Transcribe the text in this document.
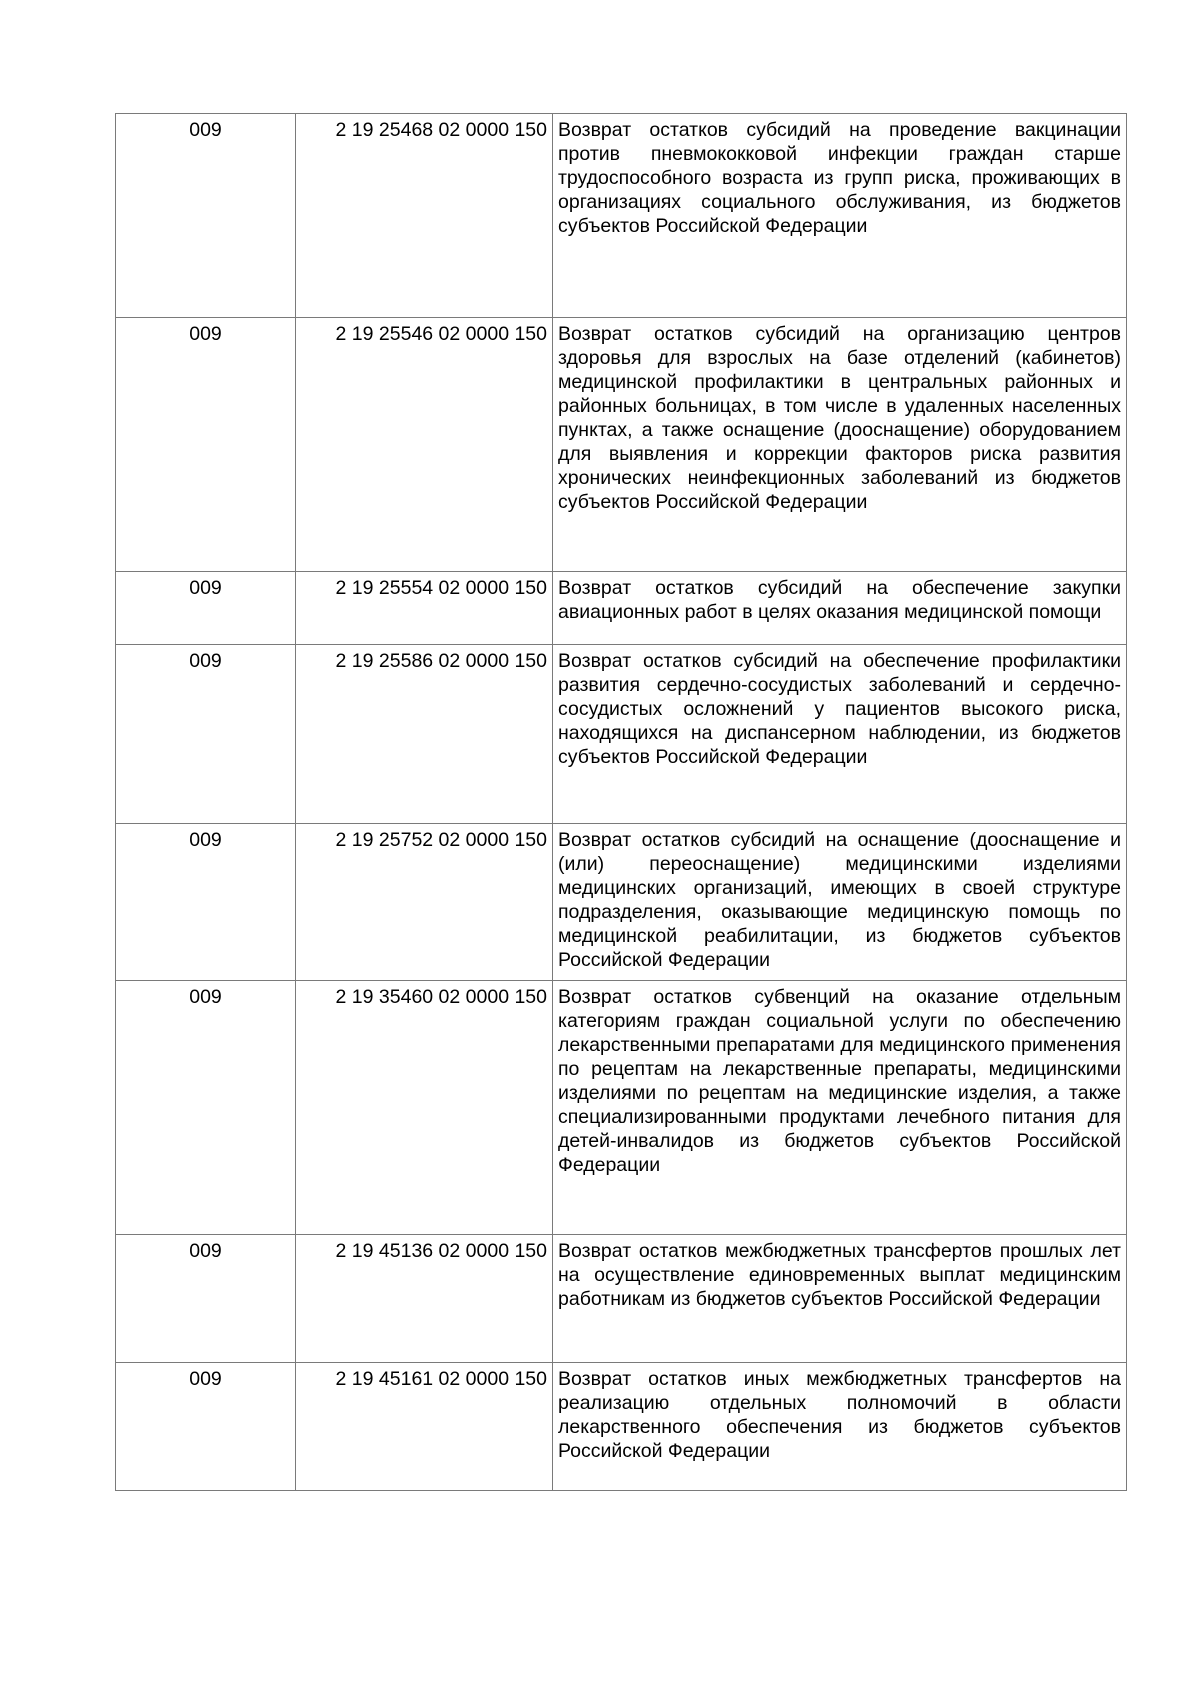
009	2 19 25468 02 0000 150	Возврат остатков субсидий на проведение вакцинации против пневмококковой инфекции граждан старше трудоспособного возраста из групп риска, проживающих в организациях социального обслуживания, из бюджетов субъектов Российской Федерации
009	2 19 25546 02 0000 150	Возврат остатков субсидий на организацию центров здоровья для взрослых на базе отделений (кабинетов) медицинской профилактики в центральных районных и районных больницах, в том числе в удаленных населенных пунктах, а также оснащение (дооснащение) оборудованием для выявления и коррекции факторов риска развития хронических неинфекционных заболеваний из бюджетов субъектов Российской Федерации
009	2 19 25554 02 0000 150	Возврат остатков субсидий на обеспечение закупки авиационных работ в целях оказания медицинской помощи
009	2 19 25586 02 0000 150	Возврат остатков субсидий на обеспечение профилактики развития сердечно-сосудистых заболеваний и сердечно-сосудистых осложнений у пациентов высокого риска, находящихся на диспансерном наблюдении, из бюджетов субъектов Российской Федерации
009	2 19 25752 02 0000 150	Возврат остатков субсидий на оснащение (дооснащение и (или) переоснащение) медицинскими изделиями медицинских организаций, имеющих в своей структуре подразделения, оказывающие медицинскую помощь по медицинской реабилитации, из бюджетов субъектов Российской Федерации
009	2 19 35460 02 0000 150	Возврат остатков субвенций на оказание отдельным категориям граждан социальной услуги по обеспечению лекарственными препаратами для медицинского применения по рецептам на лекарственные препараты, медицинскими изделиями по рецептам на медицинские изделия, а также специализированными продуктами лечебного питания для детей-инвалидов из бюджетов субъектов Российской Федерации
009	2 19 45136 02 0000 150	Возврат остатков межбюджетных трансфертов прошлых лет на осуществление единовременных выплат медицинским работникам из бюджетов субъектов Российской Федерации
009	2 19 45161 02 0000 150	Возврат остатков иных межбюджетных трансфертов на реализацию отдельных полномочий в области лекарственного обеспечения из бюджетов субъектов Российской Федерации
